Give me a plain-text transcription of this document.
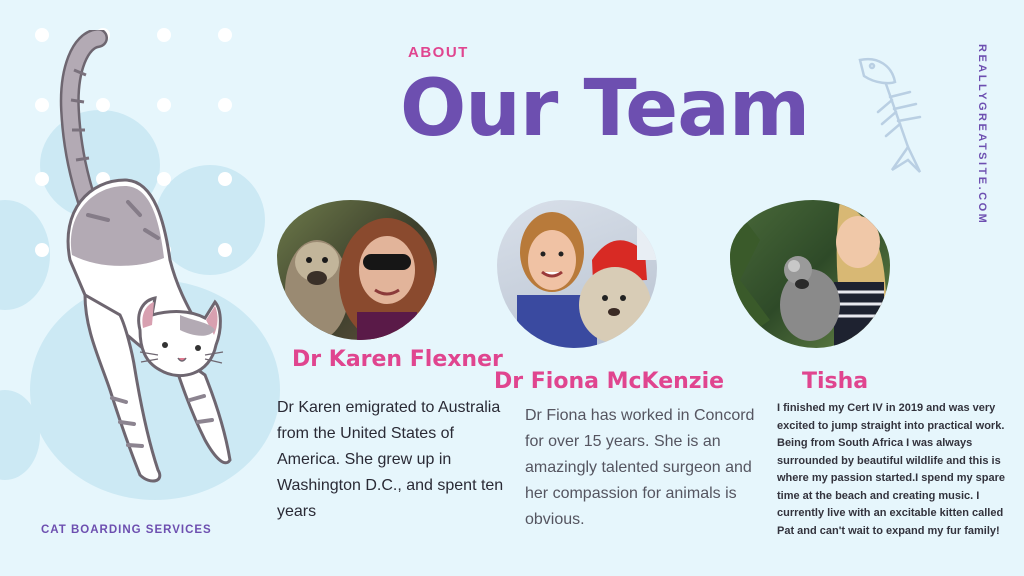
ABOUT
Our Team	REALLYGREATSITE.COM
CAT BOARDING SERVICES
Dr Karen Flexner
Dr Fiona McKenzie	Tisha
Dr Karen emigrated to Australia from the United States of America. She grew up in Washington D.C., and spent ten years
Dr Fiona has worked in Concord for over 15 years. She is an amazingly talented surgeon and her compassion for animals is obvious.

I finished my Cert IV in 2019 and was very excited to jump straight into practical work.

Being from South Africa I was always surrounded by beautiful wildlife and this is where my passion started.I spend my spare time at the beach and creating music. I currently live with an excitable kitten called Pat and can't wait to expand my fur family!
